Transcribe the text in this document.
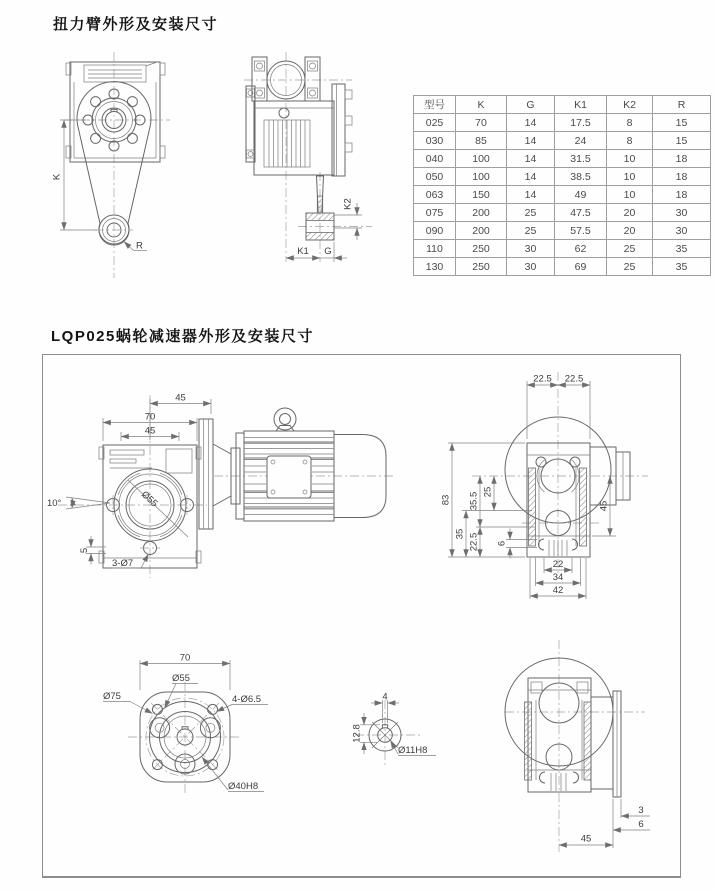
扭力臂外形及安装尺寸
LQP025蜗轮减速器外形及安装尺寸
型号	K	G	K1	K2	R
025	70	14	17.5	8	15
030	85	14	24	8	15
040	100	14	31.5	10	18
050	100	14	38.5	10	18
063	150	14	49	10	18
075	200	25	47.5	20	30
090	200	25	57.5	20	30
110	250	30	62	25	35
130	250	30	69	25	35
K
R
K2
K1 G
45
70
45
10°	Ø55
5
3-Ø7
22.5 22.5
83
35
35.5
22.5
25
6
45
22
34
42
70
Ø75
Ø55
4-Ø6.5
Ø40H8
4
12.8
Ø11H8
3
6
45
